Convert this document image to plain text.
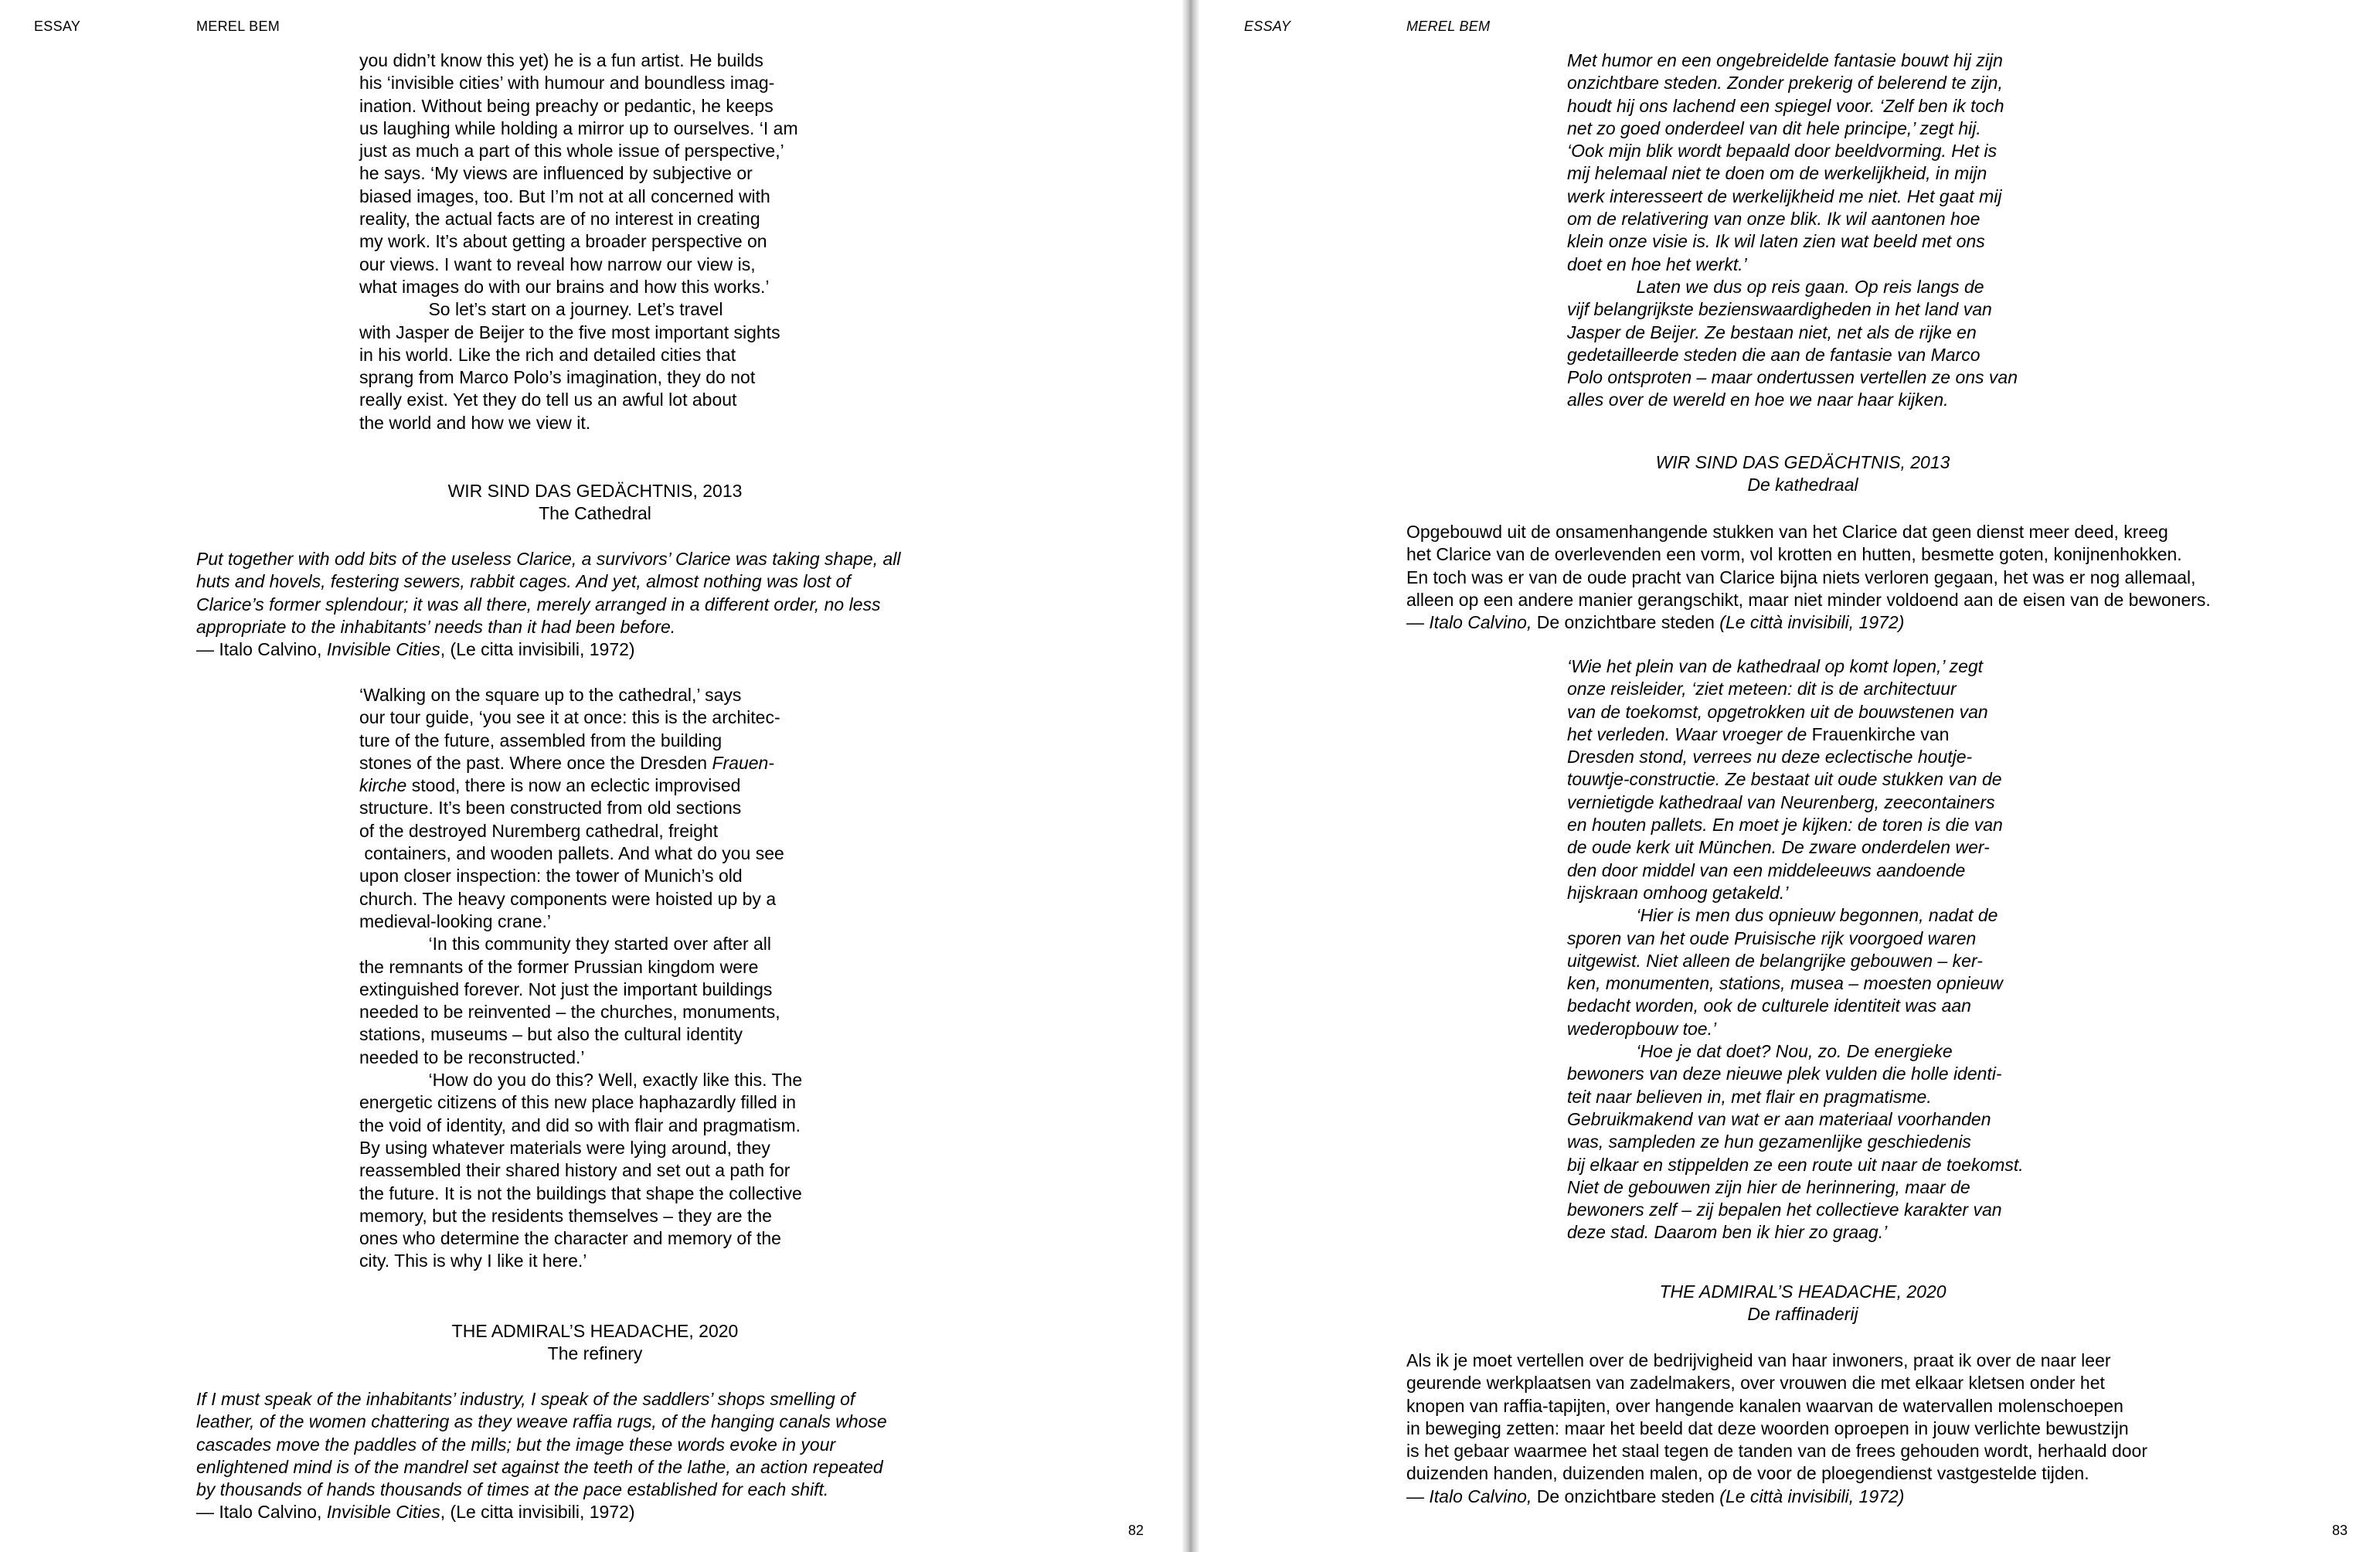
ESSAY	MEREL BEM

you didn’t know this yet) he is a fun artist. He builds
his ‘invisible cities’ with humour and boundless imag-
ination. Without being preachy or pedantic, he keeps
us laughing while holding a mirror up to ourselves. ‘I am
just as much a part of this whole issue of perspective,’
he says. ‘My views are influenced by subjective or
biased images, too. But I’m not at all concerned with
reality, the actual facts are of no interest in creating
my work. It’s about getting a broader perspective on
our views. I want to reveal how narrow our view is,
what images do with our brains and how this works.’
So let’s start on a journey. Let’s travel
with Jasper de Beijer to the five most important sights
in his world. Like the rich and detailed cities that
sprang from Marco Polo’s imagination, they do not
really exist. Yet they do tell us an awful lot about
the world and how we view it.

WIR SIND DAS GEDÄCHTNIS, 2013
The Cathedral

Put together with odd bits of the useless Clarice, a survivors’ Clarice was taking shape, all
huts and hovels, festering sewers, rabbit cages. And yet, almost nothing was lost of
Clarice’s former splendour; it was all there, merely arranged in a different order, no less
appropriate to the inhabitants’ needs than it had been before.

— Italo Calvino, Invisible Cities, (Le citta invisibili, 1972)

‘Walking on the square up to the cathedral,’ says
our tour guide, ‘you see it at once: this is the architec-
ture of the future, assembled from the building
stones of the past. Where once the Dresden Frauen-
kirche stood, there is now an eclectic improvised
structure. It’s been constructed from old sections
of the destroyed Nuremberg cathedral, freight
containers, and wooden pallets. And what do you see
upon closer inspection: the tower of Munich’s old
church. The heavy components were hoisted up by a
medieval-looking crane.’
‘In this community they started over after all
the remnants of the former Prussian kingdom were
extinguished forever. Not just the important buildings
needed to be reinvented – the churches, monuments,
stations, museums – but also the cultural identity
needed to be reconstructed.’
‘How do you do this? Well, exactly like this. The
energetic citizens of this new place haphazardly filled in
the void of identity, and did so with flair and pragmatism.
By using whatever materials were lying around, they
reassembled their shared history and set out a path for
the future. It is not the buildings that shape the collective
memory, but the residents themselves – they are the
ones who determine the character and memory of the
city. This is why I like it here.’

THE ADMIRAL’S HEADACHE, 2020
The refinery

If I must speak of the inhabitants’ industry, I speak of the saddlers’ shops smelling of
leather, of the women chattering as they weave raffia rugs, of the hanging canals whose
cascades move the paddles of the mills; but the image these words evoke in your
enlightened mind is of the mandrel set against the teeth of the lathe, an action repeated
by thousands of hands thousands of times at the pace established for each shift.

— Italo Calvino, Invisible Cities, (Le citta invisibili, 1972)
82
ESSAY	MEREL BEM

Met humor en een ongebreidelde fantasie bouwt hij zijn
onzichtbare steden. Zonder prekerig of belerend te zijn,
houdt hij ons lachend een spiegel voor. ‘Zelf ben ik toch
net zo goed onderdeel van dit hele principe,’ zegt hij.
‘Ook mijn blik wordt bepaald door beeldvorming. Het is
mij helemaal niet te doen om de werkelijkheid, in mijn
werk interesseert de werkelijkheid me niet. Het gaat mij
om de relativering van onze blik. Ik wil aantonen hoe
klein onze visie is. Ik wil laten zien wat beeld met ons
doet en hoe het werkt.’
Laten we dus op reis gaan. Op reis langs de
vijf belangrijkste bezienswaardigheden in het land van
Jasper de Beijer. Ze bestaan niet, net als de rijke en
gedetailleerde steden die aan de fantasie van Marco
Polo ontsproten – maar ondertussen vertellen ze ons van
alles over de wereld en hoe we naar haar kijken.

WIR SIND DAS GEDÄCHTNIS, 2013
De kathedraal

Opgebouwd uit de onsamenhangende stukken van het Clarice dat geen dienst meer deed, kreeg
het Clarice van de overlevenden een vorm, vol krotten en hutten, besmette goten, konijnenhokken.
En toch was er van de oude pracht van Clarice bijna niets verloren gegaan, het was er nog allemaal,
alleen op een andere manier gerangschikt, maar niet minder voldoend aan de eisen van de bewoners.

— Italo Calvino, De onzichtbare steden (Le città invisibili, 1972)

‘Wie het plein van de kathedraal op komt lopen,’ zegt
onze reisleider, ‘ziet meteen: dit is de architectuur
van de toekomst, opgetrokken uit de bouwstenen van
het verleden. Waar vroeger de Frauenkirche van
Dresden stond, verrees nu deze eclectische houtje-
touwtje-constructie. Ze bestaat uit oude stukken van de
vernietigde kathedraal van Neurenberg, zeecontainers
en houten pallets. En moet je kijken: de toren is die van
de oude kerk uit München. De zware onderdelen wer-
den door middel van een middeleeuws aandoende
hijskraan omhoog getakeld.’
‘Hier is men dus opnieuw begonnen, nadat de
sporen van het oude Pruisische rijk voorgoed waren
uitgewist. Niet alleen de belangrijke gebouwen – ker-
ken, monumenten, stations, musea – moesten opnieuw
bedacht worden, ook de culturele identiteit was aan
wederopbouw toe.’
‘Hoe je dat doet? Nou, zo. De energieke
bewoners van deze nieuwe plek vulden die holle identi-
teit naar believen in, met flair en pragmatisme.
Gebruikmakend van wat er aan materiaal voorhanden
was, sampleden ze hun gezamenlijke geschiedenis
bij elkaar en stippelden ze een route uit naar de toekomst.
Niet de gebouwen zijn hier de herinnering, maar de
bewoners zelf – zij bepalen het collectieve karakter van
deze stad. Daarom ben ik hier zo graag.’

THE ADMIRAL’S HEADACHE, 2020
De raffinaderij

Als ik je moet vertellen over de bedrijvigheid van haar inwoners, praat ik over de naar leer
geurende werkplaatsen van zadelmakers, over vrouwen die met elkaar kletsen onder het
knopen van raffia-tapijten, over hangende kanalen waarvan de watervallen molenschoepen
in beweging zetten: maar het beeld dat deze woorden oproepen in jouw verlichte bewustzijn
is het gebaar waarmee het staal tegen de tanden van de frees gehouden wordt, herhaald door
duizenden handen, duizenden malen, op de voor de ploegendienst vastgestelde tijden.

— Italo Calvino, De onzichtbare steden (Le città invisibili, 1972)
83
